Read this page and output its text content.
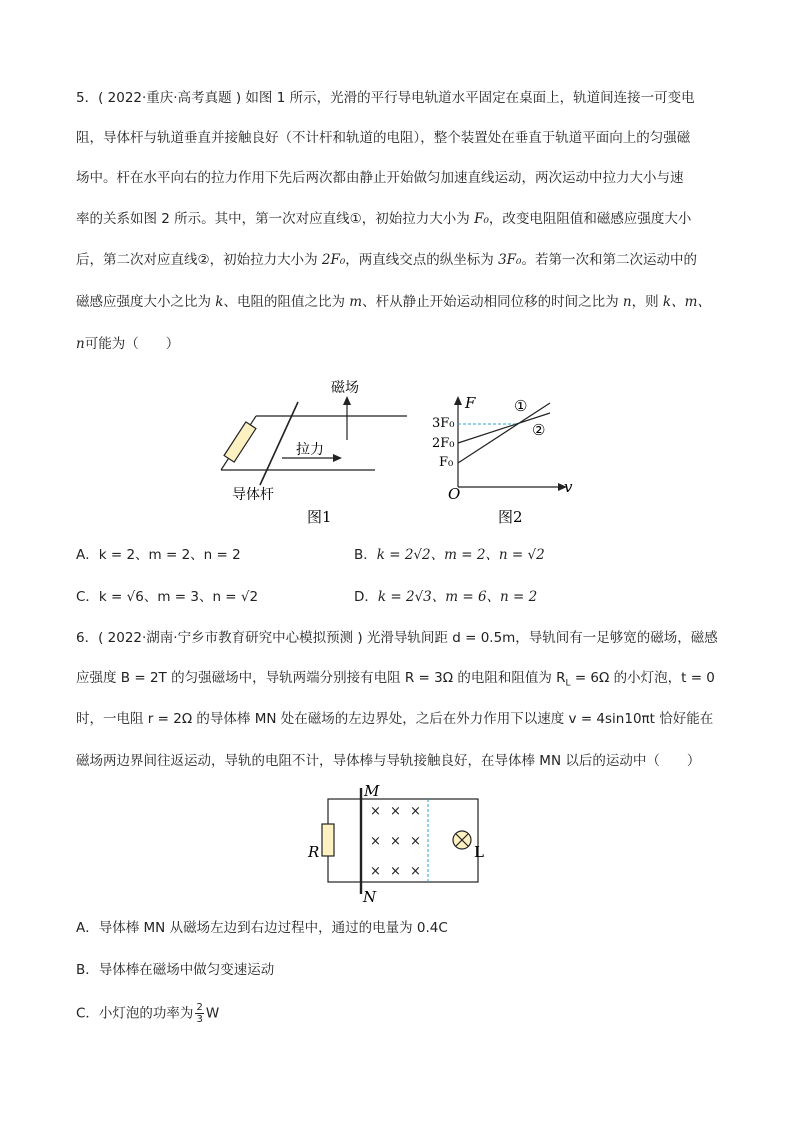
5．( 2022·重庆·高考真题 ) 如图 1 所示，光滑的平行导电轨道水平固定在桌面上，轨道间连接一可变电
阻，导体杆与轨道垂直并接触良好（不计杆和轨道的电阻），整个装置处在垂直于轨道平面向上的匀强磁
场中。杆在水平向右的拉力作用下先后两次都由静止开始做匀加速直线运动，两次运动中拉力大小与速
率的关系如图 2 所示。其中，第一次对应直线①，初始拉力大小为 F₀，改变电阻阻值和磁感应强度大小
后，第二次对应直线②，初始拉力大小为 2F₀，两直线交点的纵坐标为 3F₀。若第一次和第二次运动中的
磁感应强度大小之比为 k、电阻的阻值之比为 m、杆从静止开始运动相同位移的时间之比为 n，则 k、m、
n可能为（　　）
磁场
拉力
导体杆
图1
F
v
O
3F₀
2F₀
F₀
①
②
图2
A．k = 2、m = 2、n = 2	B．k = 2√2、m = 2、n = √2
C．k = √6、m = 3、n = √2	D．k = 2√3、m = 6、n = 2
6．( 2022·湖南·宁乡市教育研究中心模拟预测 ) 光滑导轨间距 d = 0.5m，导轨间有一足够宽的磁场，磁感
应强度 B = 2T 的匀强磁场中，导轨两端分别接有电阻 R = 3Ω 的电阻和阻值为 $R_L = 6\Omega$ 的小灯泡，t = 0
时，一电阻 r = 2Ω 的导体棒 MN 处在磁场的左边界处，之后在外力作用下以速度 v = 4sin10πt 恰好能在
磁场两边界间往返运动，导轨的电阻不计，导体棒与导轨接触良好，在导体棒 MN 以后的运动中（　　）
× × ×
× × ×
× × ×
M
N
R	L
A．导体棒 MN 从磁场左边到右边过程中，通过的电量为 0.4C
B．导体棒在磁场中做匀变速运动
C．小灯泡的功率为 $\frac{2}{3}$ W
